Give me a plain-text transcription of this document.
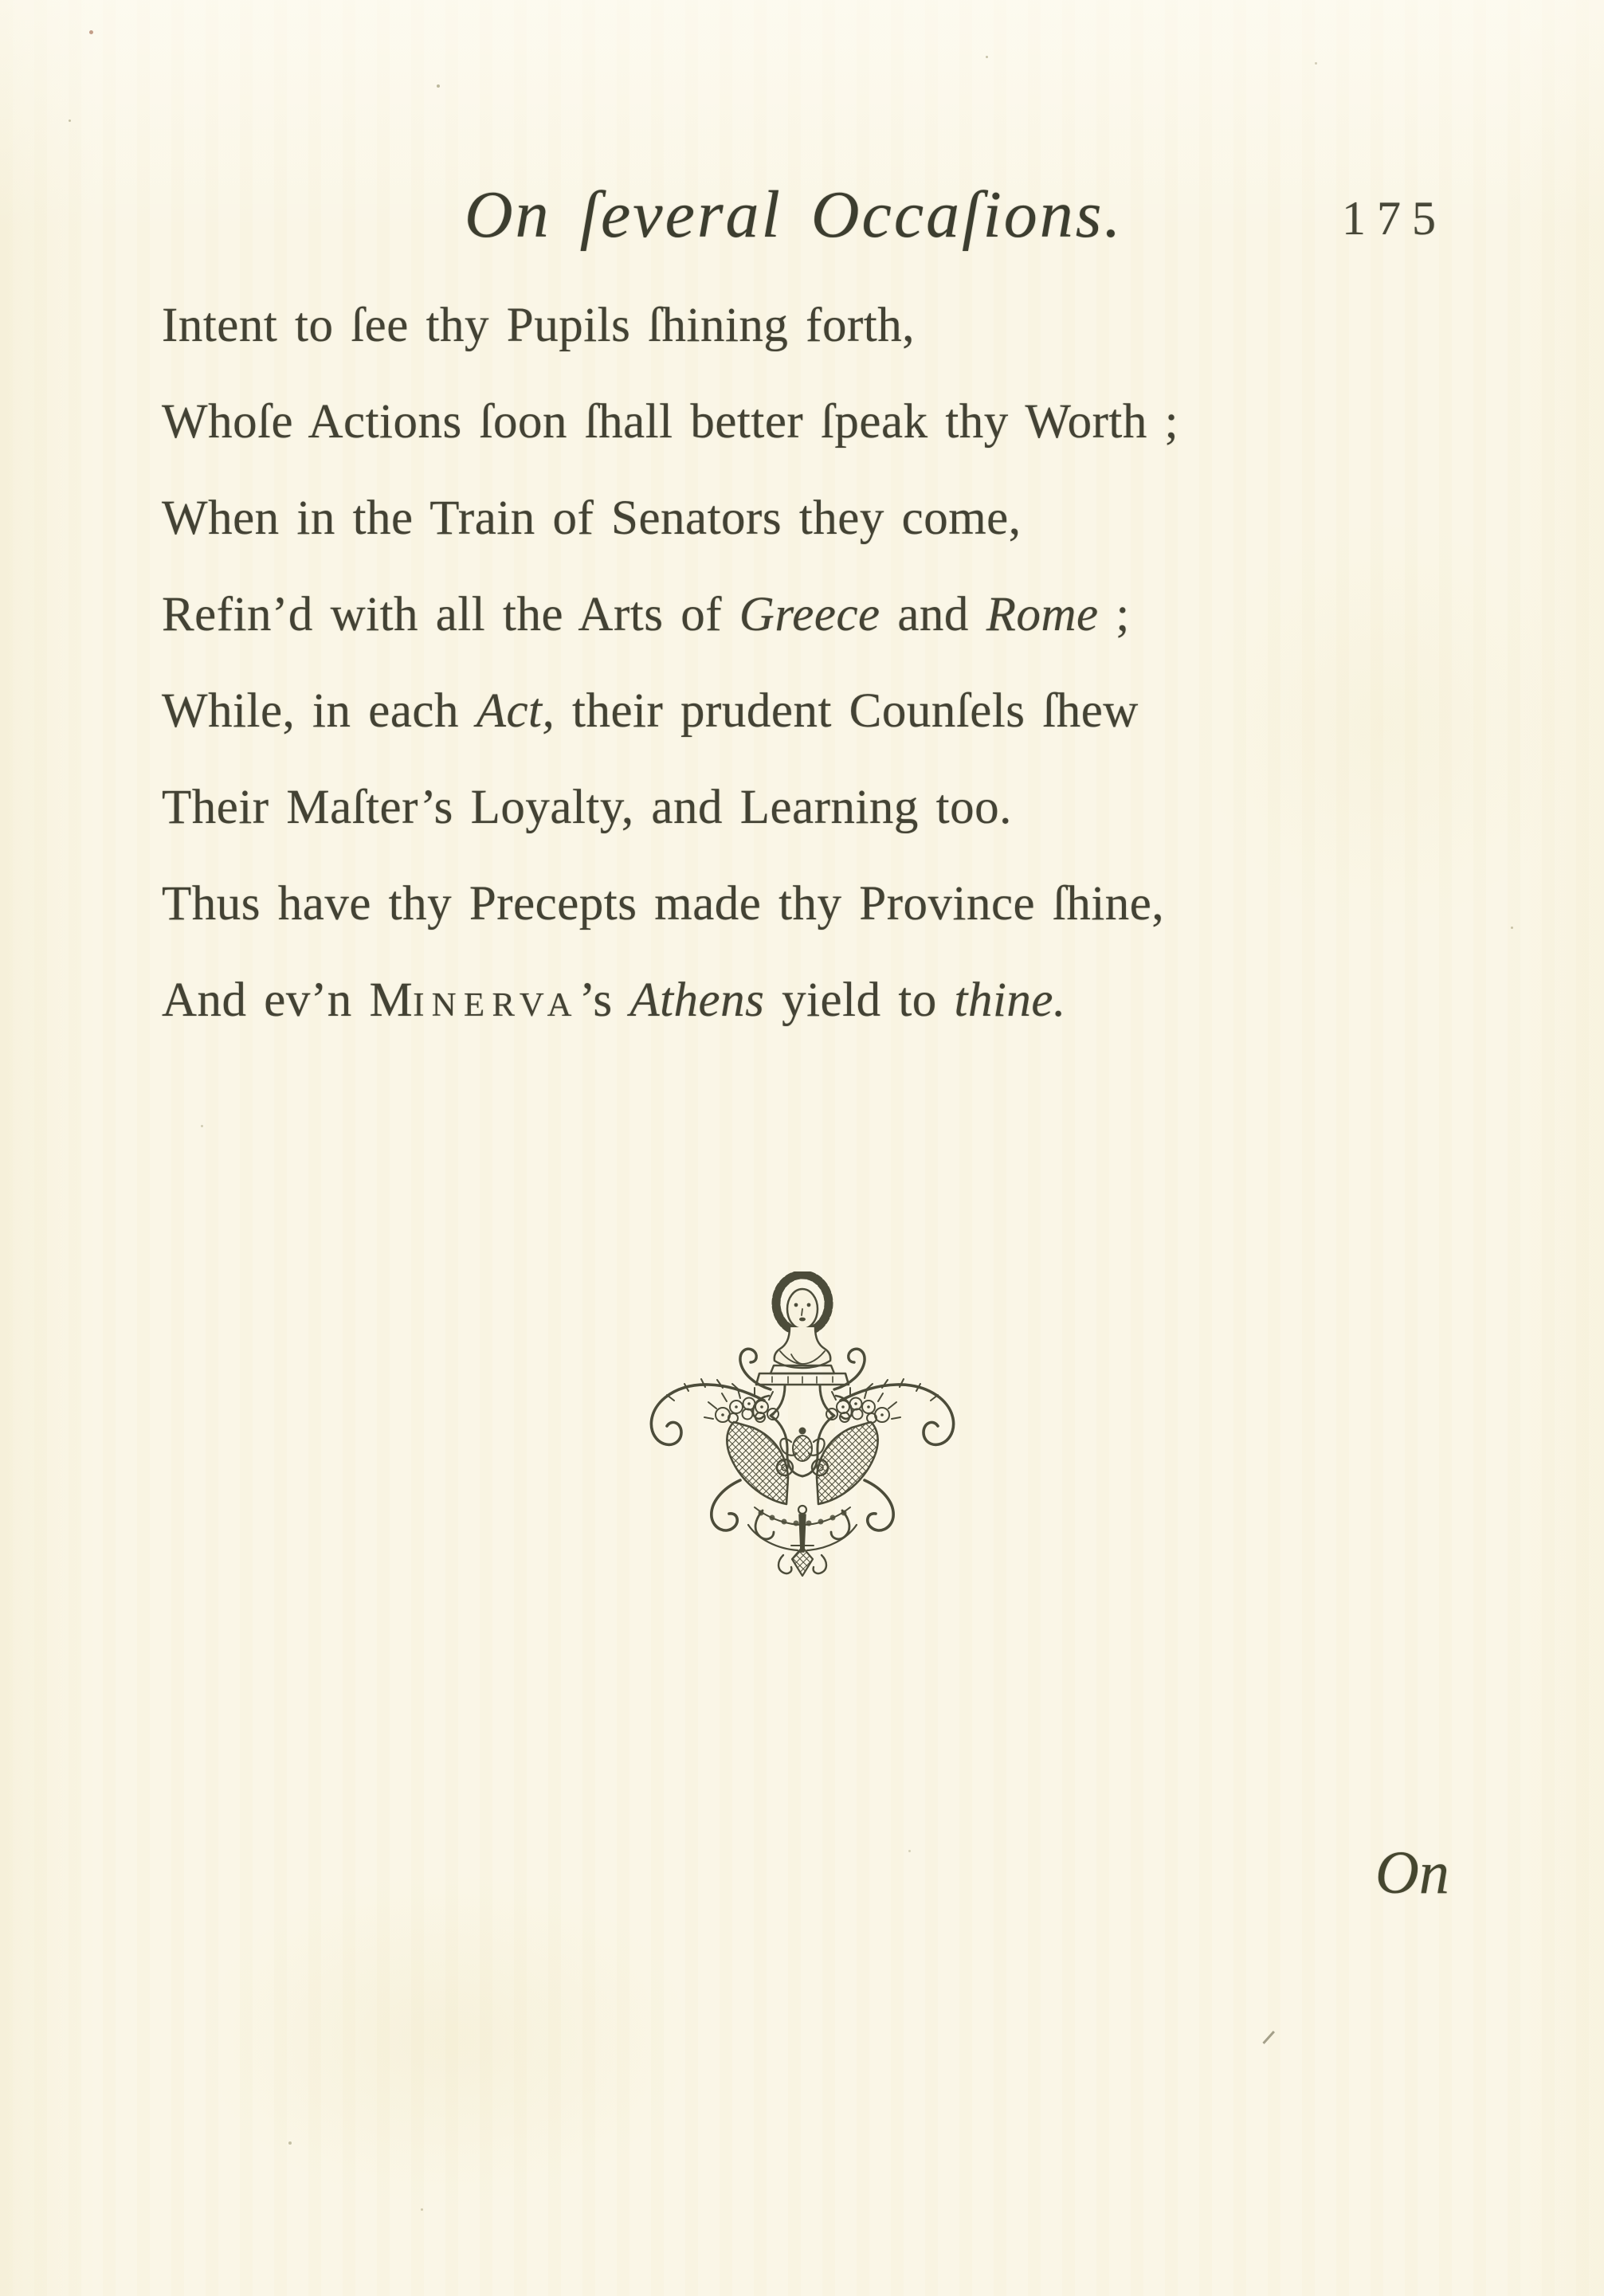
On ſeveral Occaſions.	175
Intent to ſee thy Pupils ſhining forth,
Whoſe Actions ſoon ſhall better ſpeak thy Worth ;
When in the Train of Senators they come,
Refin’d with all the Arts of Greece and Rome ;
While, in each Act, their prudent Counſels ſhew
Their Maſter’s Loyalty, and Learning too.
Thus have thy Precepts made thy Province ſhine,
And ev’n MINERVA’s Athens yield to thine.
On
